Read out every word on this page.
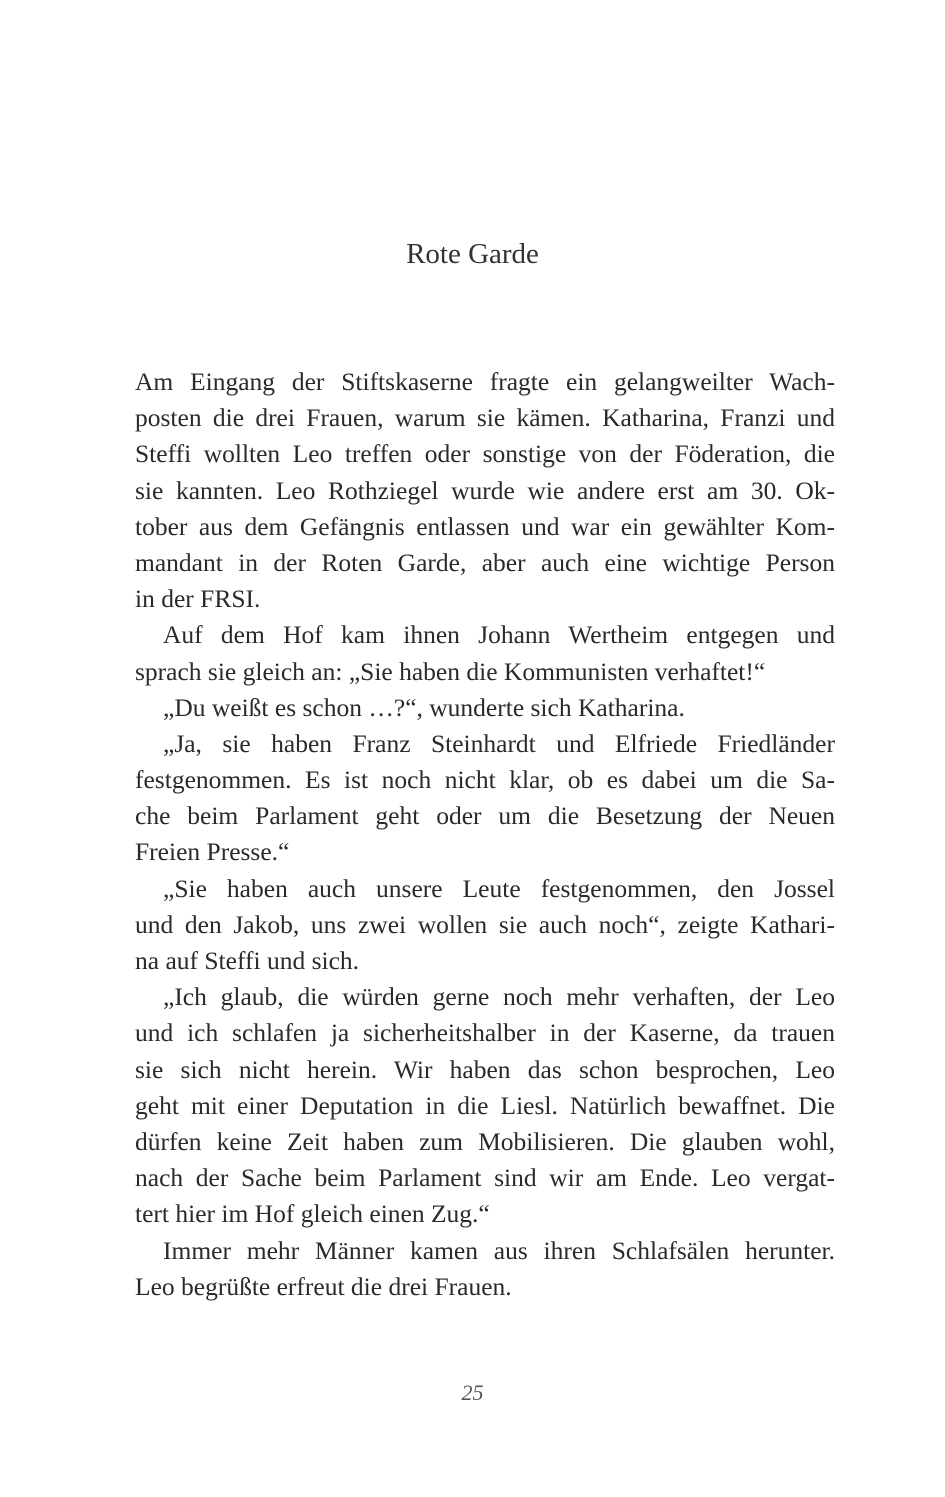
Rote Garde
Am Eingang der Stiftskaserne fragte ein gelangweilter Wach-
posten die drei Frauen, warum sie kämen. Katharina, Franzi und
Steffi wollten Leo treffen oder sonstige von der Föderation, die
sie kannten. Leo Rothziegel wurde wie andere erst am 30. Ok-
tober aus dem Gefängnis entlassen und war ein gewählter Kom-
mandant in der Roten Garde, aber auch eine wichtige Person
in der FRSI.
Auf dem Hof kam ihnen Johann Wertheim entgegen und
sprach sie gleich an: „Sie haben die Kommunisten verhaftet!“
„Du weißt es schon …?“, wunderte sich Katharina.
„Ja, sie haben Franz Steinhardt und Elfriede Friedländer
festgenommen. Es ist noch nicht klar, ob es dabei um die Sa-
che beim Parlament geht oder um die Besetzung der Neuen
Freien Presse.“
„Sie haben auch unsere Leute festgenommen, den Jossel
und den Jakob, uns zwei wollen sie auch noch“, zeigte Kathari-
na auf Steffi und sich.
„Ich glaub, die würden gerne noch mehr verhaften, der Leo
und ich schlafen ja sicherheitshalber in der Kaserne, da trauen
sie sich nicht herein. Wir haben das schon besprochen, Leo
geht mit einer Deputation in die Liesl. Natürlich bewaffnet. Die
dürfen keine Zeit haben zum Mobilisieren. Die glauben wohl,
nach der Sache beim Parlament sind wir am Ende. Leo vergat-
tert hier im Hof gleich einen Zug.“
Immer mehr Männer kamen aus ihren Schlafsälen herunter.
Leo begrüßte erfreut die drei Frauen.
25
